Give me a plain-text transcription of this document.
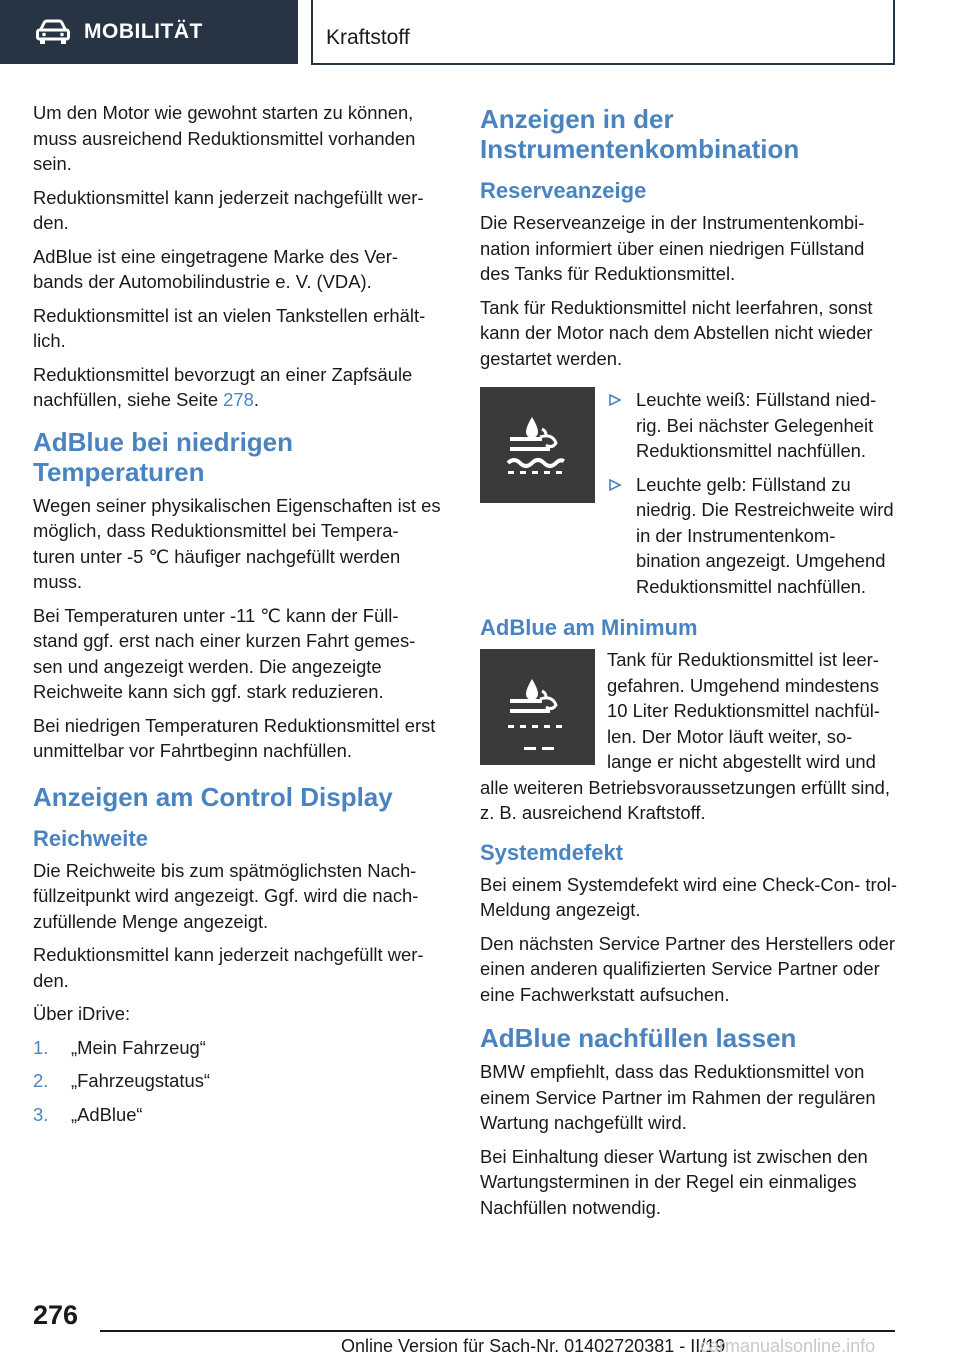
MOBILITÄT	Kraftstoff

Um den Motor wie gewohnt starten zu können, muss ausreichend Reduktionsmittel vorhanden sein.

Reduktionsmittel kann jederzeit nachgefüllt wer- den.

AdBlue ist eine eingetragene Marke des Ver- bands der Automobilindustrie e. V. (VDA).

Reduktionsmittel ist an vielen Tankstellen erhält- lich.

Reduktionsmittel bevorzugt an einer Zapfsäule nachfüllen, siehe Seite 278.

AdBlue bei niedrigen Temperaturen

Wegen seiner physikalischen Eigenschaften ist es möglich, dass Reduktionsmittel bei Tempera- turen unter -5 ℃ häufiger nachgefüllt werden muss.

Bei Temperaturen unter -11 ℃ kann der Füll- stand ggf. erst nach einer kurzen Fahrt gemes- sen und angezeigt werden. Die angezeigte Reichweite kann sich ggf. stark reduzieren.

Bei niedrigen Temperaturen Reduktionsmittel erst unmittelbar vor Fahrtbeginn nachfüllen.

Anzeigen am Control Display
Reichweite

Die Reichweite bis zum spätmöglichsten Nach- füllzeitpunkt wird angezeigt. Ggf. wird die nach- zufüllende Menge angezeigt.

Reduktionsmittel kann jederzeit nachgefüllt wer- den.

Über iDrive:

1. „Mein Fahrzeug“
2. „Fahrzeugstatus“
3. „AdBlue“
Anzeigen in der Instrumentenkombination
Reserveanzeige

Die Reserveanzeige in der Instrumentenkombi- nation informiert über einen niedrigen Füllstand des Tanks für Reduktionsmittel.

Tank für Reduktionsmittel nicht leerfahren, sonst kann der Motor nach dem Abstellen nicht wieder gestartet werden.

Leuchte weiß: Füllstand nied- rig. Bei nächster Gelegenheit Reduktionsmittel nachfüllen.
Leuchte gelb: Füllstand zu niedrig. Die Restreichweite wird in der Instrumentenkom- bination angezeigt. Umgehend Reduktionsmittel nachfüllen.
AdBlue am Minimum

Tank für Reduktionsmittel ist leer- gefahren. Umgehend mindestens 10 Liter Reduktionsmittel nachfül- len. Der Motor läuft weiter, so- lange er nicht abgestellt wird und alle weiteren Betriebsvoraussetzungen erfüllt sind, z. B. ausreichend Kraftstoff.

Systemdefekt

Bei einem Systemdefekt wird eine Check-Con- trol-Meldung angezeigt.

Den nächsten Service Partner des Herstellers oder einen anderen qualifizierten Service Partner oder eine Fachwerkstatt aufsuchen.

AdBlue nachfüllen lassen

BMW empfiehlt, dass das Reduktionsmittel von einem Service Partner im Rahmen der regulären Wartung nachgefüllt wird.

Bei Einhaltung dieser Wartung ist zwischen den Wartungsterminen in der Regel ein einmaliges Nachfüllen notwendig.

276
Online Version für Sach-Nr. 01402720381 - II/19
carmanualsonline.info
